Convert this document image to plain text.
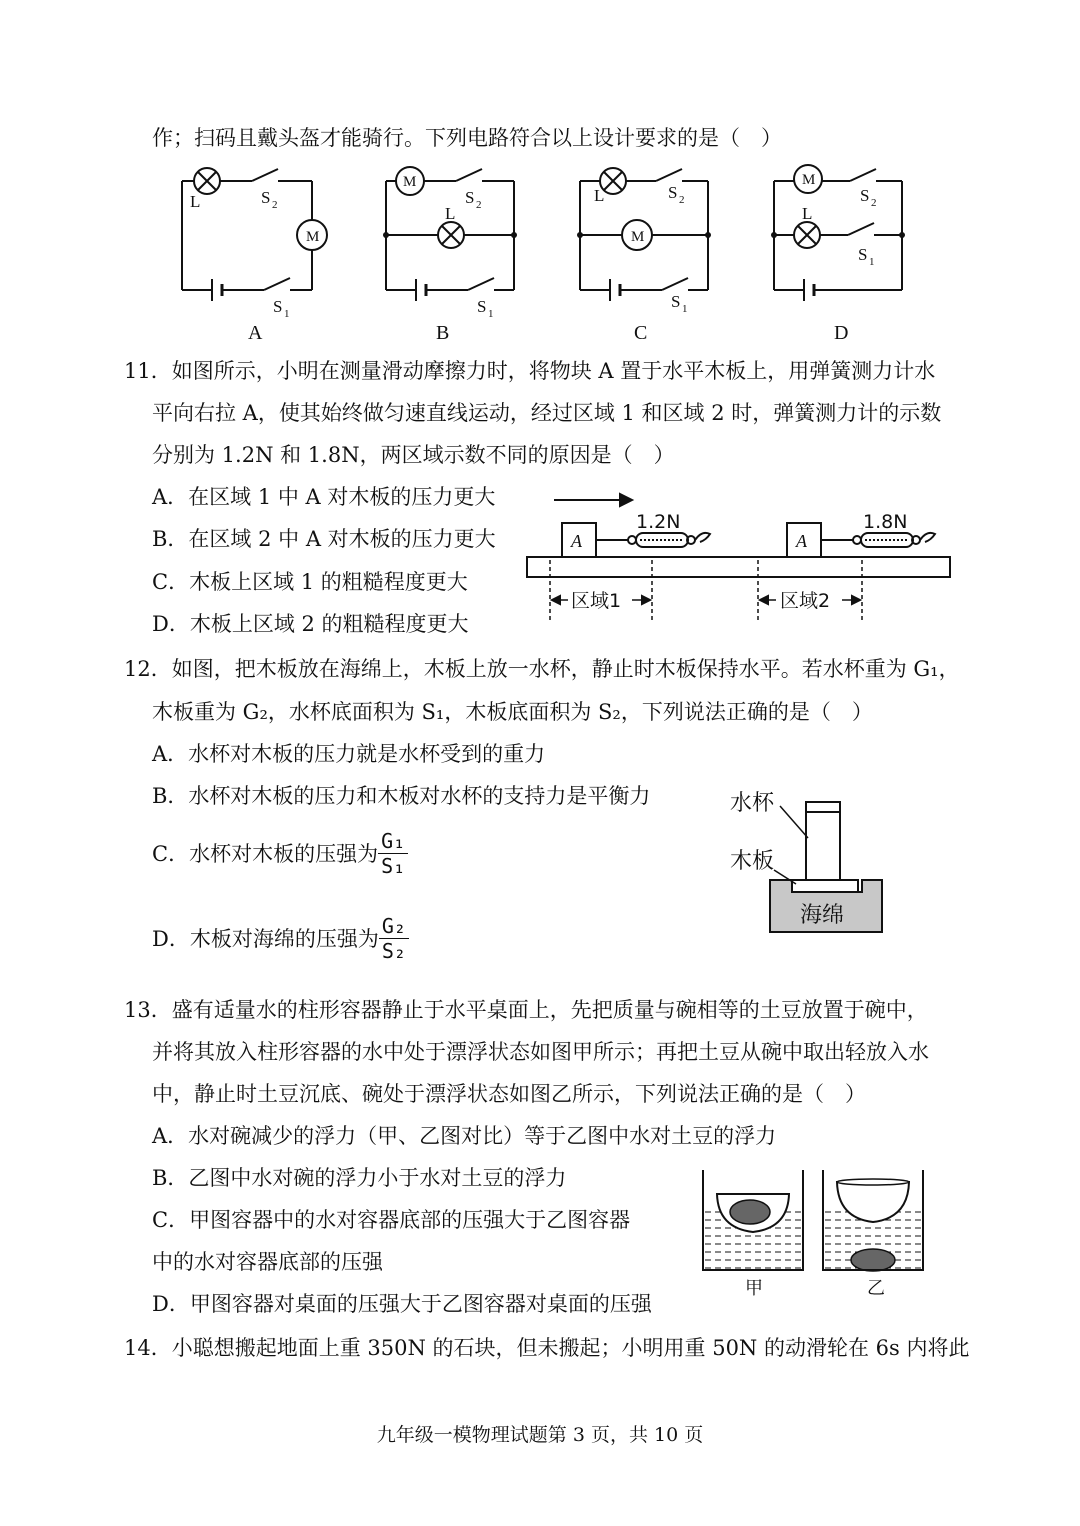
作；扫码且戴头盔才能骑行。下列电路符合以上设计要求的是（　）
L	S 2
M
S 1
M
S 2
L
S 1
L	S 2
M
S 1
M
S 2
L
S 1
A	B	C	D
11．如图所示，小明在测量滑动摩擦力时，将物块 A 置于水平木板上，用弹簧测力计水
平向右拉 A，使其始终做匀速直线运动，经过区域 1 和区域 2 时，弹簧测力计的示数
分别为 1.2N 和 1.8N，两区域示数不同的原因是（　）
A．在区域 1 中 A 对木板的压力更大
B．在区域 2 中 A 对木板的压力更大
C．木板上区域 1 的粗糙程度更大
D．木板上区域 2 的粗糙程度更大
A	A
1.2N	1.8N
区域1	区域2
12．如图，把木板放在海绵上，木板上放一水杯，静止时木板保持水平。若水杯重为 G₁，
木板重为 G₂，水杯底面积为 S₁，木板底面积为 S₂，下列说法正确的是（　）
A．水杯对木板的压力就是水杯受到的重力
B．水杯对木板的压力和木板对水杯的支持力是平衡力
C．水杯对木板的压强为 $\frac{\text{G₁}}{\text{S₁}}$
D．木板对海绵的压强为 $\frac{\text{G₂}}{\text{S₂}}$
水杯
木板
海绵
13．盛有适量水的柱形容器静止于水平桌面上，先把质量与碗相等的土豆放置于碗中，
并将其放入柱形容器的水中处于漂浮状态如图甲所示；再把土豆从碗中取出轻放入水
中，静止时土豆沉底、碗处于漂浮状态如图乙所示，下列说法正确的是（　）
A．水对碗减少的浮力（甲、乙图对比）等于乙图中水对土豆的浮力
B．乙图中水对碗的浮力小于水对土豆的浮力
C．甲图容器中的水对容器底部的压强大于乙图容器
中的水对容器底部的压强
D．甲图容器对桌面的压强大于乙图容器对桌面的压强
甲	乙
14．小聪想搬起地面上重 350N 的石块，但未搬起；小明用重 50N 的动滑轮在 6s 内将此
九年级一模物理试题第 3 页，共 10 页
